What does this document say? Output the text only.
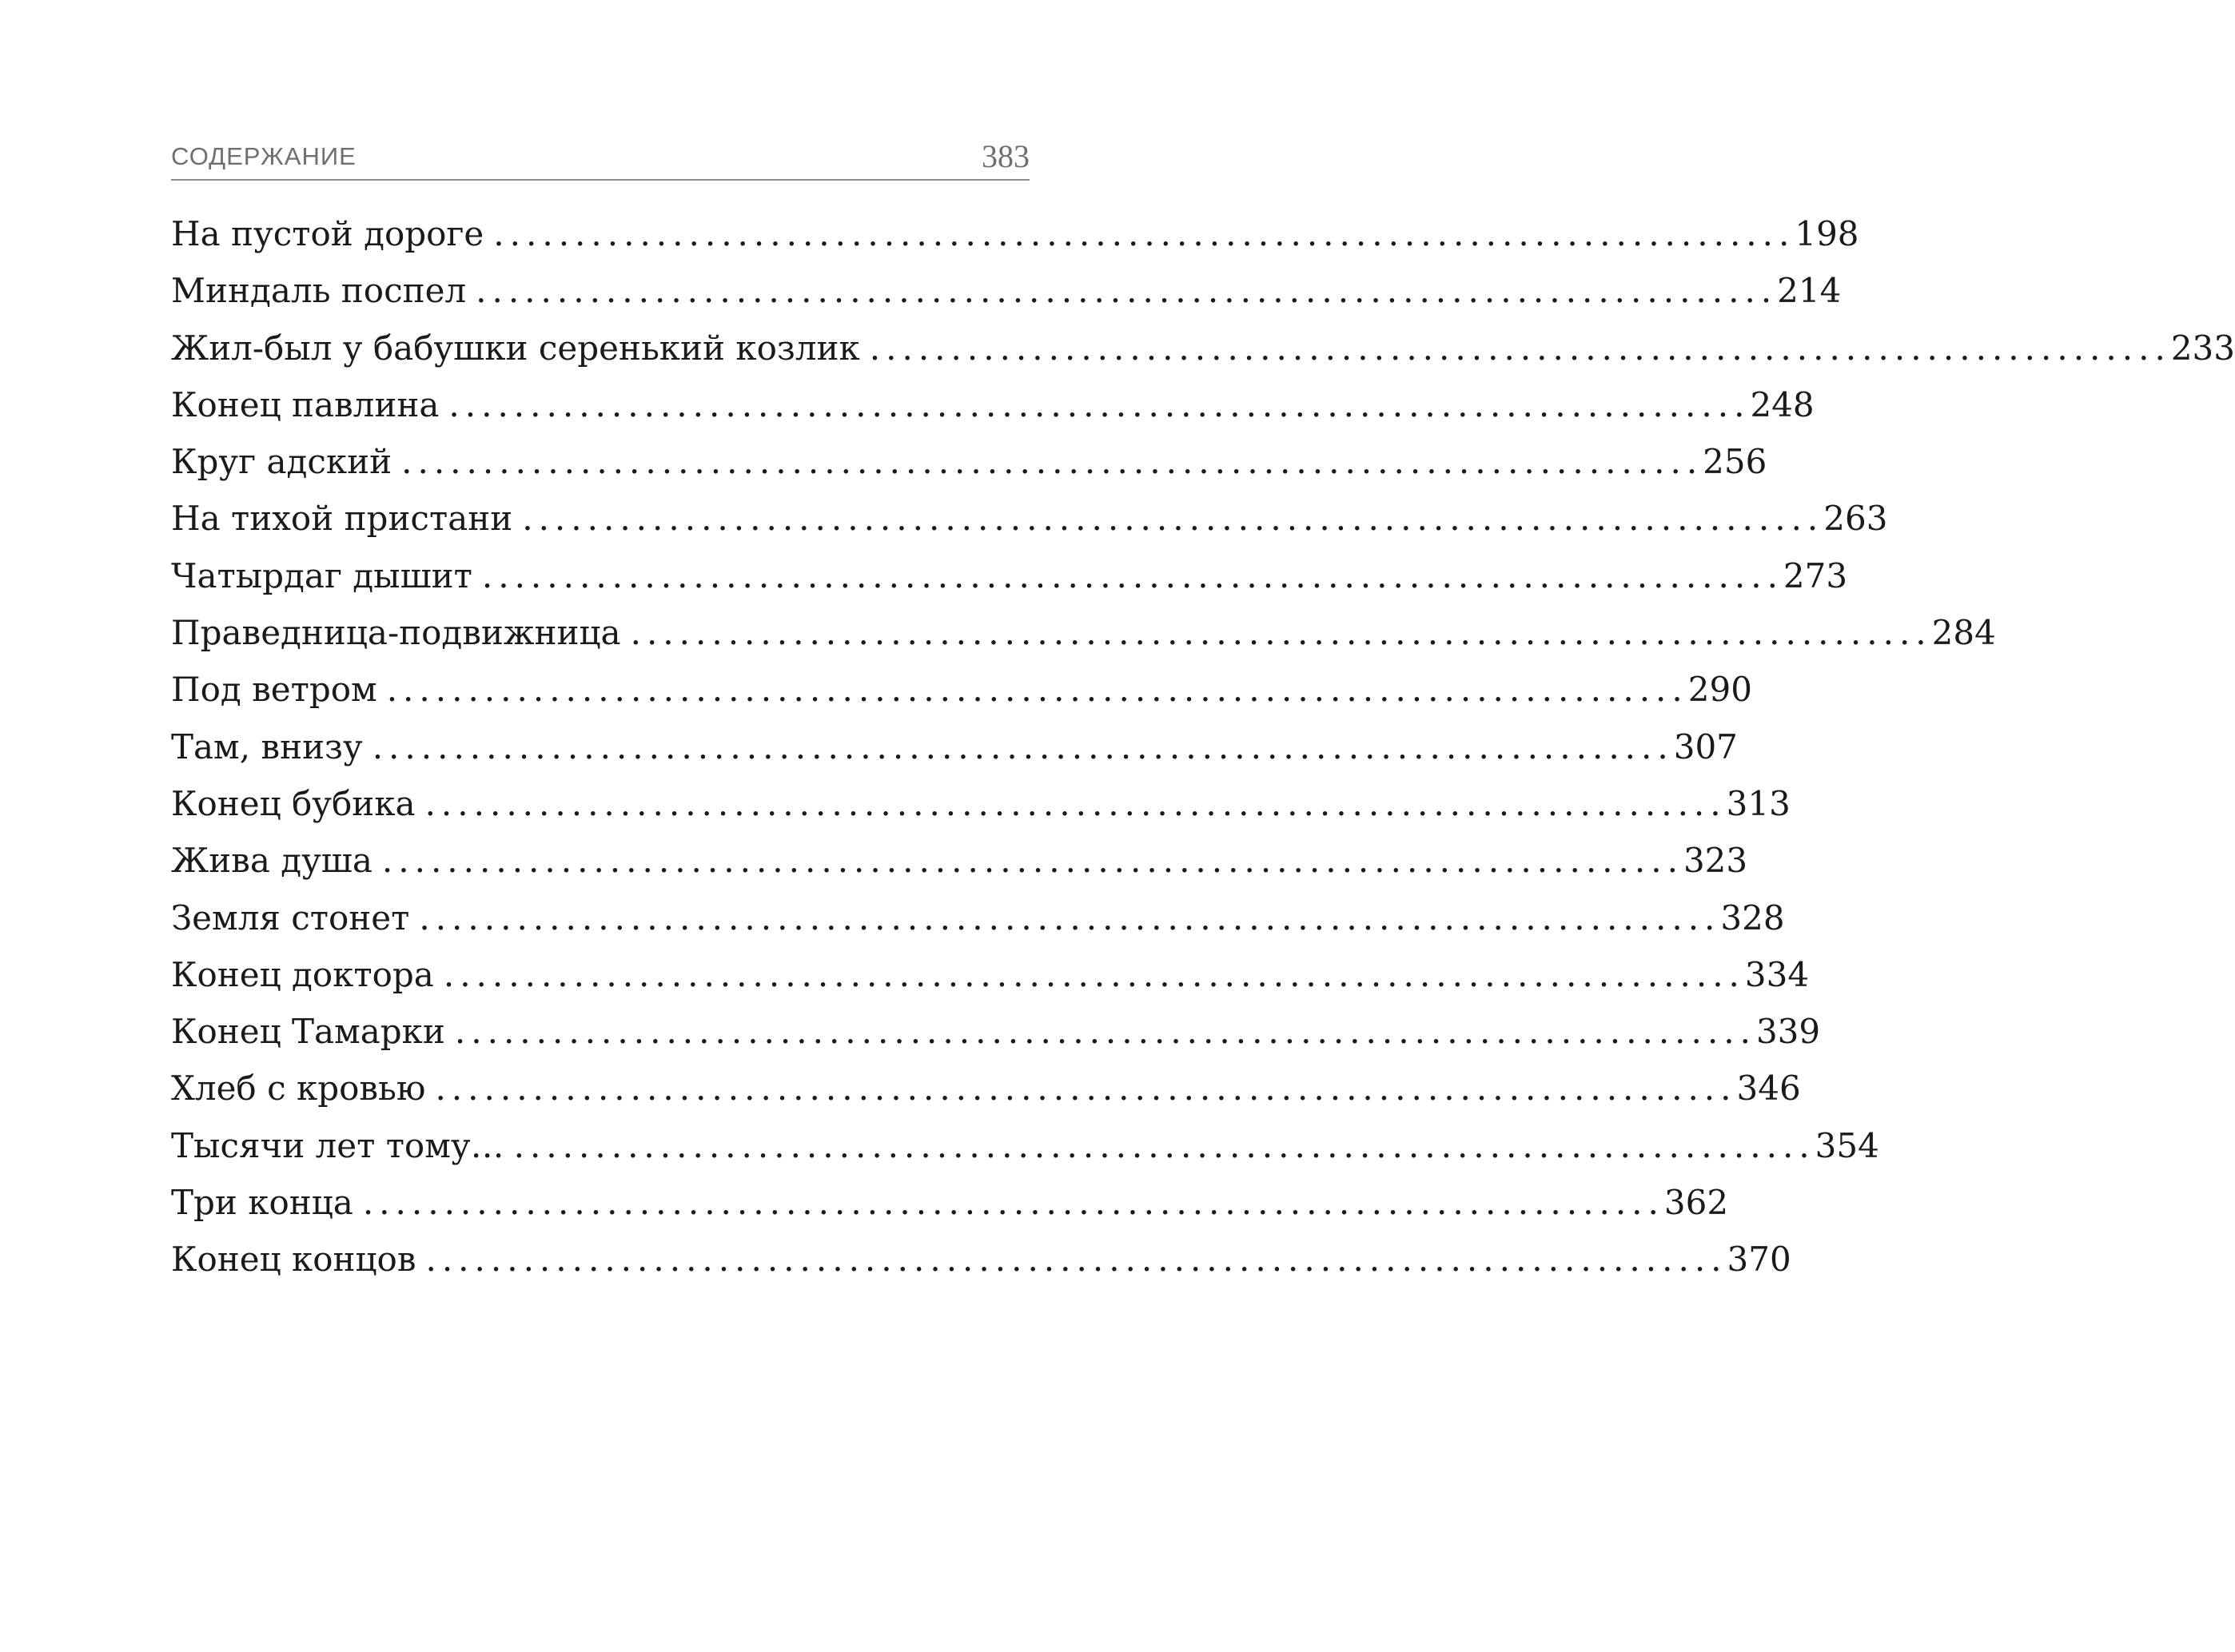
СОДЕРЖАНИЕ	383
На пустой дороге ................................................................................ 198
Миндаль поспел ................................................................................ 214
Жил-был у бабушки серенький козлик ................................................................................ 233
Конец павлина ................................................................................ 248
Круг адский ................................................................................ 256
На тихой пристани ................................................................................ 263
Чатырдаг дышит ................................................................................ 273
Праведница-подвижница ................................................................................ 284
Под ветром ................................................................................ 290
Там, внизу ................................................................................ 307
Конец бубика ................................................................................ 313
Жива душа ................................................................................ 323
Земля стонет ................................................................................ 328
Конец доктора ................................................................................ 334
Конец Тамарки ................................................................................ 339
Хлеб с кровью ................................................................................ 346
Тысячи лет тому… ................................................................................ 354
Три конца ................................................................................ 362
Конец концов ................................................................................ 370
